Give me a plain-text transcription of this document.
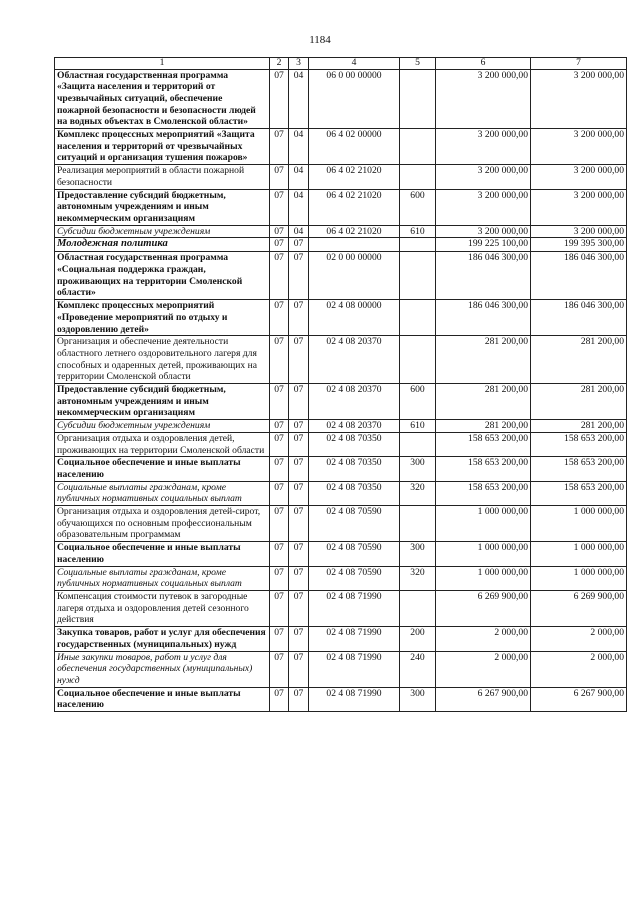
1184
1	2	3	4	5	6	7
Областная государственная программа «Защита населения и территорий от чрезвычайных ситуаций, обеспечение пожарной безопасности и безопасности людей на водных объектах в Смоленской области»	07	04	06 0 00 00000		3 200 000,00	3 200 000,00
Комплекс процессных мероприятий «Защита населения и территорий от чрезвычайных ситуаций и организация тушения пожаров»	07	04	06 4 02 00000		3 200 000,00	3 200 000,00
Реализация мероприятий в области пожарной безопасности	07	04	06 4 02 21020		3 200 000,00	3 200 000,00
Предоставление субсидий бюджетным, автономным учреждениям и иным некоммерческим организациям	07	04	06 4 02 21020	600	3 200 000,00	3 200 000,00
Субсидии бюджетным учреждениям	07	04	06 4 02 21020	610	3 200 000,00	3 200 000,00
Молодежная политика	07	07			199 225 100,00	199 395 300,00
Областная государственная программа «Социальная поддержка граждан, проживающих на территории Смоленской области»	07	07	02 0 00 00000		186 046 300,00	186 046 300,00
Комплекс процессных мероприятий «Проведение мероприятий по отдыху и оздоровлению детей»	07	07	02 4 08 00000		186 046 300,00	186 046 300,00
Организация и обеспечение деятельности областного летнего оздоровительного лагеря для способных и одаренных детей, проживающих на территории Смоленской области	07	07	02 4 08 20370		281 200,00	281 200,00
Предоставление субсидий бюджетным, автономным учреждениям и иным некоммерческим организациям	07	07	02 4 08 20370	600	281 200,00	281 200,00
Субсидии бюджетным учреждениям	07	07	02 4 08 20370	610	281 200,00	281 200,00
Организация отдыха и оздоровления детей, проживающих на территории Смоленской области	07	07	02 4 08 70350		158 653 200,00	158 653 200,00
Социальное обеспечение и иные выплаты населению	07	07	02 4 08 70350	300	158 653 200,00	158 653 200,00
Социальные выплаты гражданам, кроме публичных нормативных социальных выплат	07	07	02 4 08 70350	320	158 653 200,00	158 653 200,00
Организация отдыха и оздоровления детей-сирот, обучающихся по основным профессиональным образовательным программам	07	07	02 4 08 70590		1 000 000,00	1 000 000,00
Социальное обеспечение и иные выплаты населению	07	07	02 4 08 70590	300	1 000 000,00	1 000 000,00
Социальные выплаты гражданам, кроме публичных нормативных социальных выплат	07	07	02 4 08 70590	320	1 000 000,00	1 000 000,00
Компенсация стоимости путевок в загородные лагеря отдыха и оздоровления детей сезонного действия	07	07	02 4 08 71990		6 269 900,00	6 269 900,00
Закупка товаров, работ и услуг для обеспечения государственных (муниципальных) нужд	07	07	02 4 08 71990	200	2 000,00	2 000,00
Иные закупки товаров, работ и услуг для обеспечения государственных (муниципальных) нужд	07	07	02 4 08 71990	240	2 000,00	2 000,00
Социальное обеспечение и иные выплаты населению	07	07	02 4 08 71990	300	6 267 900,00	6 267 900,00
